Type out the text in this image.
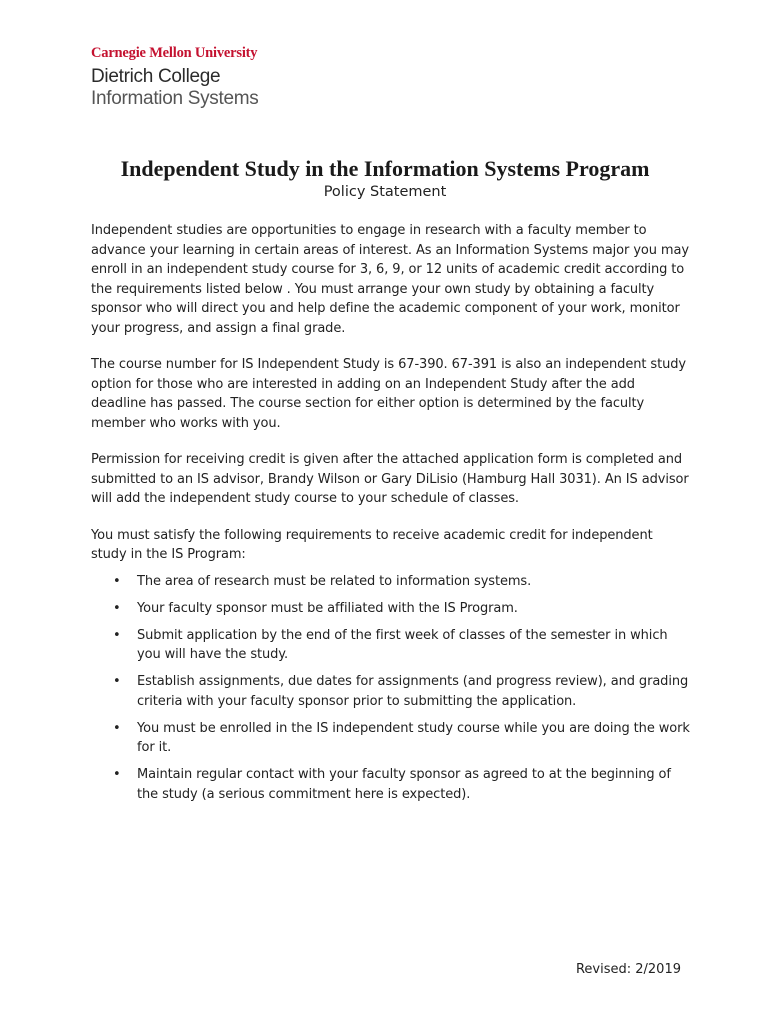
Carnegie Mellon University
Dietrich College
Information Systems
Independent Study in the Information Systems Program
Policy Statement

Independent studies are opportunities to engage in research with a faculty member to advance your learning in certain areas of interest. As an Information Systems major you may enroll in an independent study course for 3, 6, 9, or 12 units of academic credit according to the requirements listed below . You must arrange your own study by obtaining a faculty sponsor who will direct you and help define the academic component of your work, monitor your progress, and assign a final grade.

The course number for IS Independent Study is 67-390. 67-391 is also an independent study option for those who are interested in adding on an Independent Study after the add deadline has passed. The course section for either option is determined by the faculty member who works with you.

Permission for receiving credit is given after the attached application form is completed and submitted to an IS advisor, Brandy Wilson or Gary DiLisio (Hamburg Hall 3031). An IS advisor will add the independent study course to your schedule of classes.

You must satisfy the following requirements to receive academic credit for independent study in the IS Program:

• The area of research must be related to information systems.
• Your faculty sponsor must be affiliated with the IS Program.
• Submit application by the end of the first week of classes of the semester in which you will have the study.
• Establish assignments, due dates for assignments (and progress review), and grading criteria with your faculty sponsor prior to submitting the application.
• You must be enrolled in the IS independent study course while you are doing the work for it.
• Maintain regular contact with your faculty sponsor as agreed to at the beginning of the study (a serious commitment here is expected).
Revised: 2/2019
